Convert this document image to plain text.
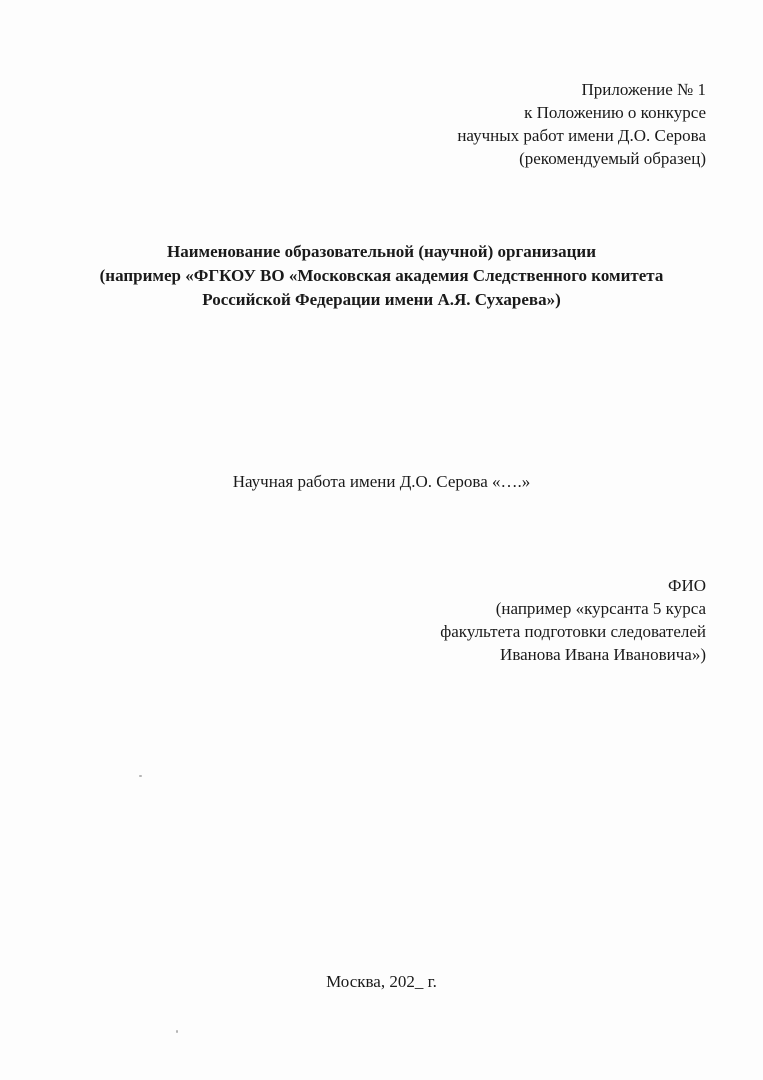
Приложение № 1
к Положению о конкурсе
научных работ имени Д.О. Серова
(рекомендуемый образец)
Наименование образовательной (научной) организации
(например «ФГКОУ ВО «Московская академия Следственного комитета
Российской Федерации имени А.Я. Сухарева»)
Научная работа имени Д.О. Серова «….»
ФИО
(например «курсанта 5 курса
факультета подготовки следователей
Иванова Ивана Ивановича»)
Москва, 202_ г.
